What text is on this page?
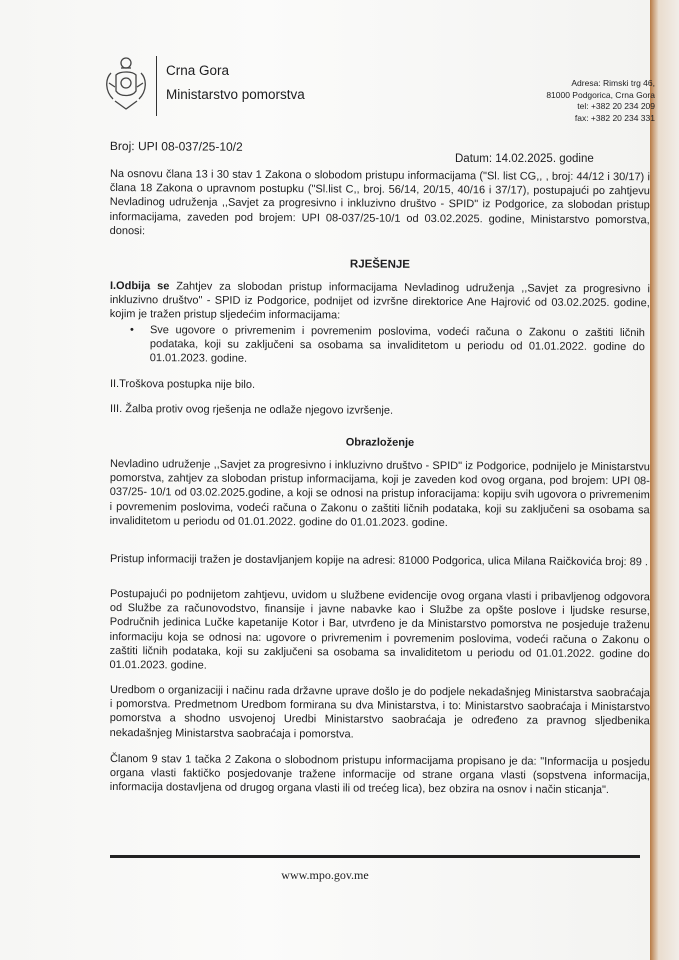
Crna Gora
Ministarstvo pomorstva
Adresa: Rimski trg 46,
81000 Podgorica, Crna Gora
tel: +382 20 234 209
fax: +382 20 234 331
Broj: UPI 08-037/25-10/2
Datum: 14.02.2025. godine
Na osnovu člana 13 i 30 stav 1 Zakona o slobodom pristupu informacijama ("Sl. list CG,, , broj: 44/12 i 30/17) i člana 18 Zakona o upravnom postupku ("Sl.list C,, broj. 56/14, 20/15, 40/16 i 37/17), postupajući po zahtjevu Nevladinog udruženja ,,Savjet za progresivno i inkluzivno društvo - SPID" iz Podgorice, za slobodan pristup informacijama, zaveden pod brojem: UPI 08-037/25-10/1 od 03.02.2025. godine, Ministarstvo pomorstva, donosi:
RJEŠENJE
I.Odbija se Zahtjev za slobodan pristup informacijama Nevladinog udruženja ,,Savjet za progresivno i inkluzivno društvo" - SPID iz Podgorice, podnijet od izvršne direktorice Ane Hajrović od 03.02.2025. godine, kojim je tražen pristup sljedećim informacijama:
• Sve ugovore o privremenim i povremenim poslovima, vodeći računa o Zakonu o zaštiti ličnih podataka, koji su zaključeni sa osobama sa invaliditetom u periodu od 01.01.2022. godine do 01.01.2023. godine.
II.Troškova postupka nije bilo.
III. Žalba protiv ovog rješenja ne odlaže njegovo izvršenje.
Obrazloženje
Nevladino udruženje ,,Savjet za progresivno i inkluzivno društvo - SPID" iz Podgorice, podnijelo je Ministarstvu pomorstva, zahtjev za slobodan pristup informacijama, koji je zaveden kod ovog organa, pod brojem: UPI 08-037/25- 10/1 od 03.02.2025.godine, a koji se odnosi na pristup inforacijama: kopiju svih ugovora o privremenim i povremenim poslovima, vodeći računa o Zakonu o zaštiti ličnih podataka, koji su zaključeni sa osobama sa invaliditetom u periodu od 01.01.2022. godine do 01.01.2023. godine.
Pristup informaciji tražen je dostavljanjem kopije na adresi: 81000 Podgorica, ulica Milana Raičkovića broj: 89 .
Postupajući po podnijetom zahtjevu, uvidom u službene evidencije ovog organa vlasti i pribavljenog odgovora od Službe za računovodstvo, finansije i javne nabavke kao i Službe za opšte poslove i ljudske resurse, Područnih jedinica Lučke kapetanije Kotor i Bar, utvrđeno je da Ministarstvo pomorstva ne posjeduje traženu informaciju koja se odnosi na: ugovore o privremenim i povremenim poslovima, vodeći računa o Zakonu o zaštiti ličnih podataka, koji su zaključeni sa osobama sa invaliditetom u periodu od 01.01.2022. godine do 01.01.2023. godine.
Uredbom o organizaciji i načinu rada državne uprave došlo je do podjele nekadašnjeg Ministarstva saobraćaja i pomorstva. Predmetnom Uredbom formirana su dva Ministarstva, i to: Ministarstvo saobraćaja i Ministarstvo pomorstva a shodno usvojenoj Uredbi Ministarstvo saobraćaja je određeno za pravnog sljedbenika nekadašnjeg Ministarstva saobraćaja i pomorstva.
Članom 9 stav 1 tačka 2 Zakona o slobodnom pristupu informacijama propisano je da: "Informacija u posjedu organa vlasti faktičko posjedovanje tražene informacije od strane organa vlasti (sopstvena informacija, informacija dostavljena od drugog organa vlasti ili od trećeg lica), bez obzira na osnov i način sticanja".
www.mpo.gov.me
